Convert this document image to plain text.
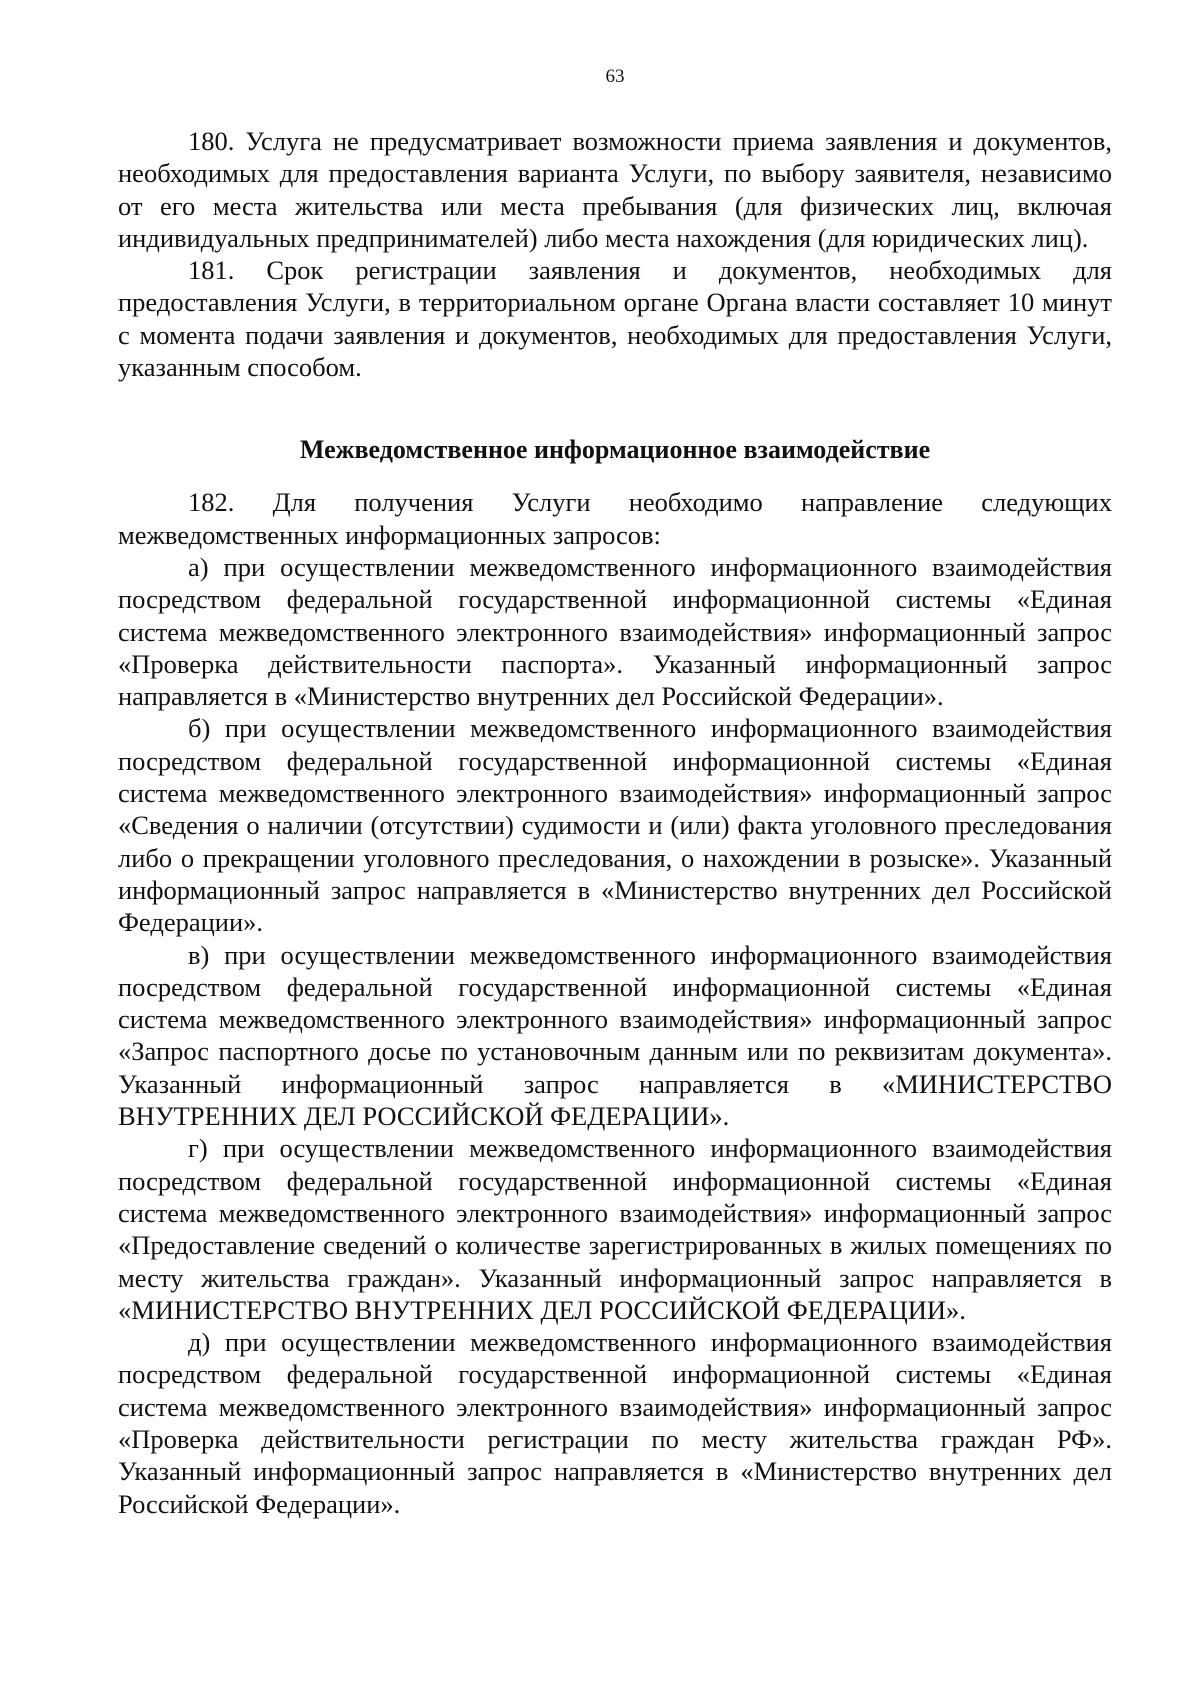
63

180. Услуга не предусматривает возможности приема заявления и документов, необходимых для предоставления варианта Услуги, по выбору заявителя, независимо от его места жительства или места пребывания (для физических лиц, включая индивидуальных предпринимателей) либо места нахождения (для юридических лиц).

181. Срок регистрации заявления и документов, необходимых для предоставления Услуги, в территориальном органе Органа власти составляет 10 минут с момента подачи заявления и документов, необходимых для предоставления Услуги, указанным способом.

Межведомственное информационное взаимодействие

182. Для получения Услуги необходимо направление следующих межведомственных информационных запросов:

а) при осуществлении межведомственного информационного взаимодействия посредством федеральной государственной информационной системы «Единая система межведомственного электронного взаимодействия» информационный запрос «Проверка действительности паспорта». Указанный информационный запрос направляется в «Министерство внутренних дел Российской Федерации».

б) при осуществлении межведомственного информационного взаимодействия посредством федеральной государственной информационной системы «Единая система межведомственного электронного взаимодействия» информационный запрос «Сведения о наличии (отсутствии) судимости и (или) факта уголовного преследования либо о прекращении уголовного преследования, о нахождении в розыске». Указанный информационный запрос направляется в «Министерство внутренних дел Российской Федерации».

в) при осуществлении межведомственного информационного взаимодействия посредством федеральной государственной информационной системы «Единая система межведомственного электронного взаимодействия» информационный запрос «Запрос паспортного досье по установочным данным или по реквизитам документа». Указанный информационный запрос направляется в «МИНИСТЕРСТВО ВНУТРЕННИХ ДЕЛ РОССИЙСКОЙ ФЕДЕРАЦИИ».

г) при осуществлении межведомственного информационного взаимодействия посредством федеральной государственной информационной системы «Единая система межведомственного электронного взаимодействия» информационный запрос «Предоставление сведений о количестве зарегистрированных в жилых помещениях по месту жительства граждан». Указанный информационный запрос направляется в «МИНИСТЕРСТВО ВНУТРЕННИХ ДЕЛ РОССИЙСКОЙ ФЕДЕРАЦИИ».

д) при осуществлении межведомственного информационного взаимодействия посредством федеральной государственной информационной системы «Единая система межведомственного электронного взаимодействия» информационный запрос «Проверка действительности регистрации по месту жительства граждан РФ». Указанный информационный запрос направляется в «Министерство внутренних дел Российской Федерации».
